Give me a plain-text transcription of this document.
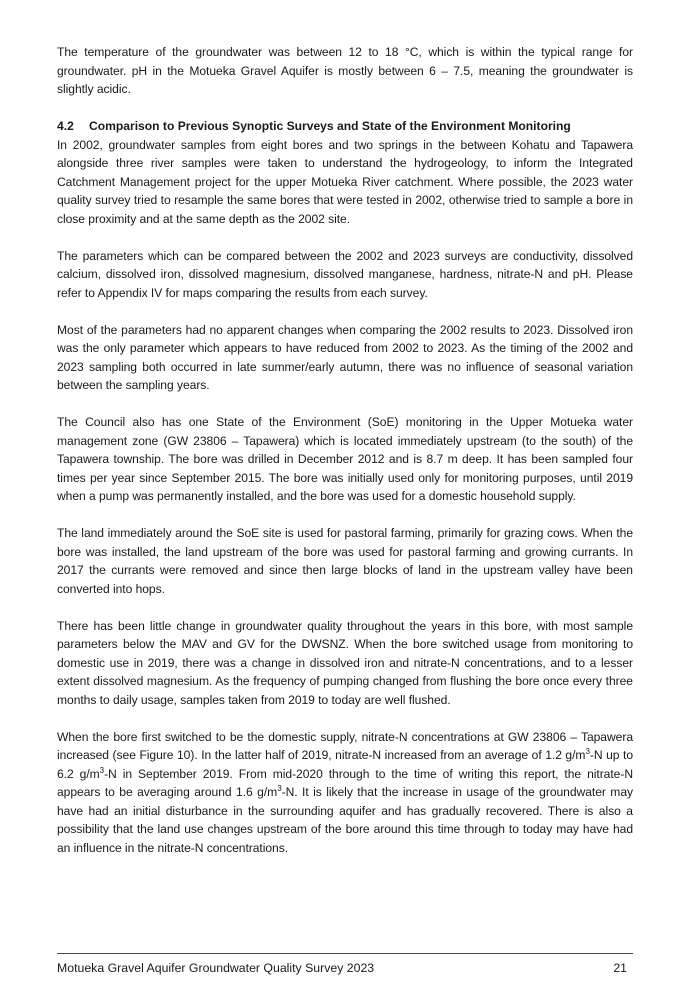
The temperature of the groundwater was between 12 to 18 °C, which is within the typical range for groundwater. pH in the Motueka Gravel Aquifer is mostly between 6 – 7.5, meaning the groundwater is slightly acidic.

4.2 Comparison to Previous Synoptic Surveys and State of the Environment Monitoring

In 2002, groundwater samples from eight bores and two springs in the between Kohatu and Tapawera alongside three river samples were taken to understand the hydrogeology, to inform the Integrated Catchment Management project for the upper Motueka River catchment. Where possible, the 2023 water quality survey tried to resample the same bores that were tested in 2002, otherwise tried to sample a bore in close proximity and at the same depth as the 2002 site.

The parameters which can be compared between the 2002 and 2023 surveys are conductivity, dissolved calcium, dissolved iron, dissolved magnesium, dissolved manganese, hardness, nitrate-N and pH. Please refer to Appendix IV for maps comparing the results from each survey.

Most of the parameters had no apparent changes when comparing the 2002 results to 2023. Dissolved iron was the only parameter which appears to have reduced from 2002 to 2023. As the timing of the 2002 and 2023 sampling both occurred in late summer/early autumn, there was no influence of seasonal variation between the sampling years.

The Council also has one State of the Environment (SoE) monitoring in the Upper Motueka water management zone (GW 23806 – Tapawera) which is located immediately upstream (to the south) of the Tapawera township. The bore was drilled in December 2012 and is 8.7 m deep. It has been sampled four times per year since September 2015. The bore was initially used only for monitoring purposes, until 2019 when a pump was permanently installed, and the bore was used for a domestic household supply.

The land immediately around the SoE site is used for pastoral farming, primarily for grazing cows. When the bore was installed, the land upstream of the bore was used for pastoral farming and growing currants. In 2017 the currants were removed and since then large blocks of land in the upstream valley have been converted into hops.

There has been little change in groundwater quality throughout the years in this bore, with most sample parameters below the MAV and GV for the DWSNZ. When the bore switched usage from monitoring to domestic use in 2019, there was a change in dissolved iron and nitrate-N concentrations, and to a lesser extent dissolved magnesium. As the frequency of pumping changed from flushing the bore once every three months to daily usage, samples taken from 2019 to today are well flushed.

When the bore first switched to be the domestic supply, nitrate-N concentrations at GW 23806 – Tapawera increased (see Figure 10). In the latter half of 2019, nitrate-N increased from an average of 1.2 $g/m^3-N$ up to 6.2 $g/m^3-N$ in September 2019. From mid-2020 through to the time of writing this report, the nitrate-N appears to be averaging around 1.6 $g/m^3-N$. It is likely that the increase in usage of the groundwater may have had an initial disturbance in the surrounding aquifer and has gradually recovered. There is also a possibility that the land use changes upstream of the bore around this time through to today may have had an influence in the nitrate-N concentrations.

Motueka Gravel Aquifer Groundwater Quality Survey 2023	21
